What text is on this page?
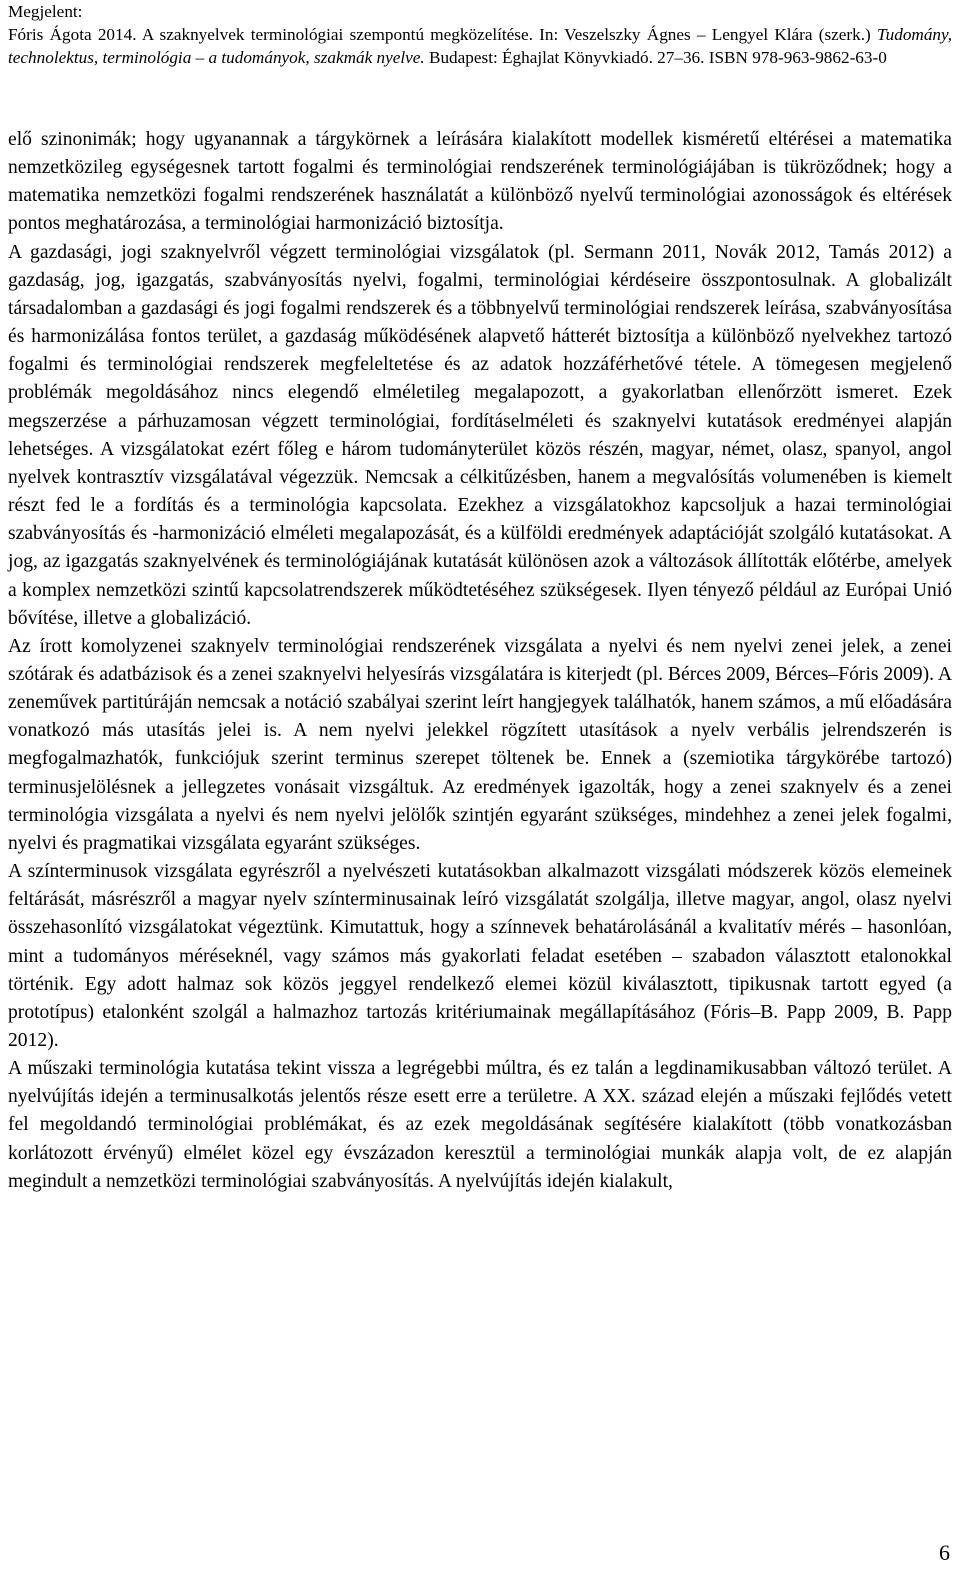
Megjelent:
Fóris Ágota 2014. A szaknyelvek terminológiai szempontú megközelítése. In: Veszelszky Ágnes – Lengyel Klára (szerk.) Tudomány, technolektus, terminológia – a tudományok, szakmák nyelve. Budapest: Éghajlat Könyvkiadó. 27–36. ISBN 978-963-9862-63-0

elő szinonimák; hogy ugyanannak a tárgykörnek a leírására kialakított modellek kisméretű eltérései a matematika nemzetközileg egységesnek tartott fogalmi és terminológiai rendszerének terminológiájában is tükröződnek; hogy a matematika nemzetközi fogalmi rendszerének használatát a különböző nyelvű terminológiai azonosságok és eltérések pontos meghatározása, a terminológiai harmonizáció biztosítja.

A gazdasági, jogi szaknyelvről végzett terminológiai vizsgálatok (pl. Sermann 2011, Novák 2012, Tamás 2012) a gazdaság, jog, igazgatás, szabványosítás nyelvi, fogalmi, terminológiai kérdéseire összpontosulnak. A globalizált társadalomban a gazdasági és jogi fogalmi rendszerek és a többnyelvű terminológiai rendszerek leírása, szabványosítása és harmonizálása fontos terület, a gazdaság működésének alapvető hátterét biztosítja a különböző nyelvekhez tartozó fogalmi és terminológiai rendszerek megfeleltetése és az adatok hozzáférhetővé tétele. A tömegesen megjelenő problémák megoldásához nincs elegendő elméletileg megalapozott, a gyakorlatban ellenőrzött ismeret. Ezek megszerzése a párhuzamosan végzett terminológiai, fordításelméleti és szaknyelvi kutatások eredményei alapján lehetséges. A vizsgálatokat ezért főleg e három tudományterület közös részén, magyar, német, olasz, spanyol, angol nyelvek kontrasztív vizsgálatával végezzük. Nemcsak a célkitűzésben, hanem a megvalósítás volumenében is kiemelt részt fed le a fordítás és a terminológia kapcsolata. Ezekhez a vizsgálatokhoz kapcsoljuk a hazai terminológiai szabványosítás és -harmonizáció elméleti megalapozását, és a külföldi eredmények adaptációját szolgáló kutatásokat. A jog, az igazgatás szaknyelvének és terminológiájának kutatását különösen azok a változások állították előtérbe, amelyek a komplex nemzetközi szintű kapcsolatrendszerek működtetéséhez szükségesek. Ilyen tényező például az Európai Unió bővítése, illetve a globalizáció.

Az írott komolyzenei szaknyelv terminológiai rendszerének vizsgálata a nyelvi és nem nyelvi zenei jelek, a zenei szótárak és adatbázisok és a zenei szaknyelvi helyesírás vizsgálatára is kiterjedt (pl. Bérces 2009, Bérces–Fóris 2009). A zeneművek partitúráján nemcsak a notáció szabályai szerint leírt hangjegyek találhatók, hanem számos, a mű előadására vonatkozó más utasítás jelei is. A nem nyelvi jelekkel rögzített utasítások a nyelv verbális jelrendszerén is megfogalmazhatók, funkciójuk szerint terminus szerepet töltenek be. Ennek a (szemiotika tárgykörébe tartozó) terminusjelölésnek a jellegzetes vonásait vizsgáltuk. Az eredmények igazolták, hogy a zenei szaknyelv és a zenei terminológia vizsgálata a nyelvi és nem nyelvi jelölők szintjén egyaránt szükséges, mindehhez a zenei jelek fogalmi, nyelvi és pragmatikai vizsgálata egyaránt szükséges.

A színterminusok vizsgálata egyrészről a nyelvészeti kutatásokban alkalmazott vizsgálati módszerek közös elemeinek feltárását, másrészről a magyar nyelv színterminusainak leíró vizsgálatát szolgálja, illetve magyar, angol, olasz nyelvi összehasonlító vizsgálatokat végeztünk. Kimutattuk, hogy a színnevek behatárolásánál a kvalitatív mérés – hasonlóan, mint a tudományos méréseknél, vagy számos más gyakorlati feladat esetében – szabadon választott etalonokkal történik. Egy adott halmaz sok közös jeggyel rendelkező elemei közül kiválasztott, tipikusnak tartott egyed (a prototípus) etalonként szolgál a halmazhoz tartozás kritériumainak megállapításához (Fóris–B. Papp 2009, B. Papp 2012).

A műszaki terminológia kutatása tekint vissza a legrégebbi múltra, és ez talán a legdinamikusabban változó terület. A nyelvújítás idején a terminusalkotás jelentős része esett erre a területre. A XX. század elején a műszaki fejlődés vetett fel megoldandó terminológiai problémákat, és az ezek megoldásának segítésére kialakított (több vonatkozásban korlátozott érvényű) elmélet közel egy évszázadon keresztül a terminológiai munkák alapja volt, de ez alapján megindult a nemzetközi terminológiai szabványosítás. A nyelvújítás idején kialakult,

6
